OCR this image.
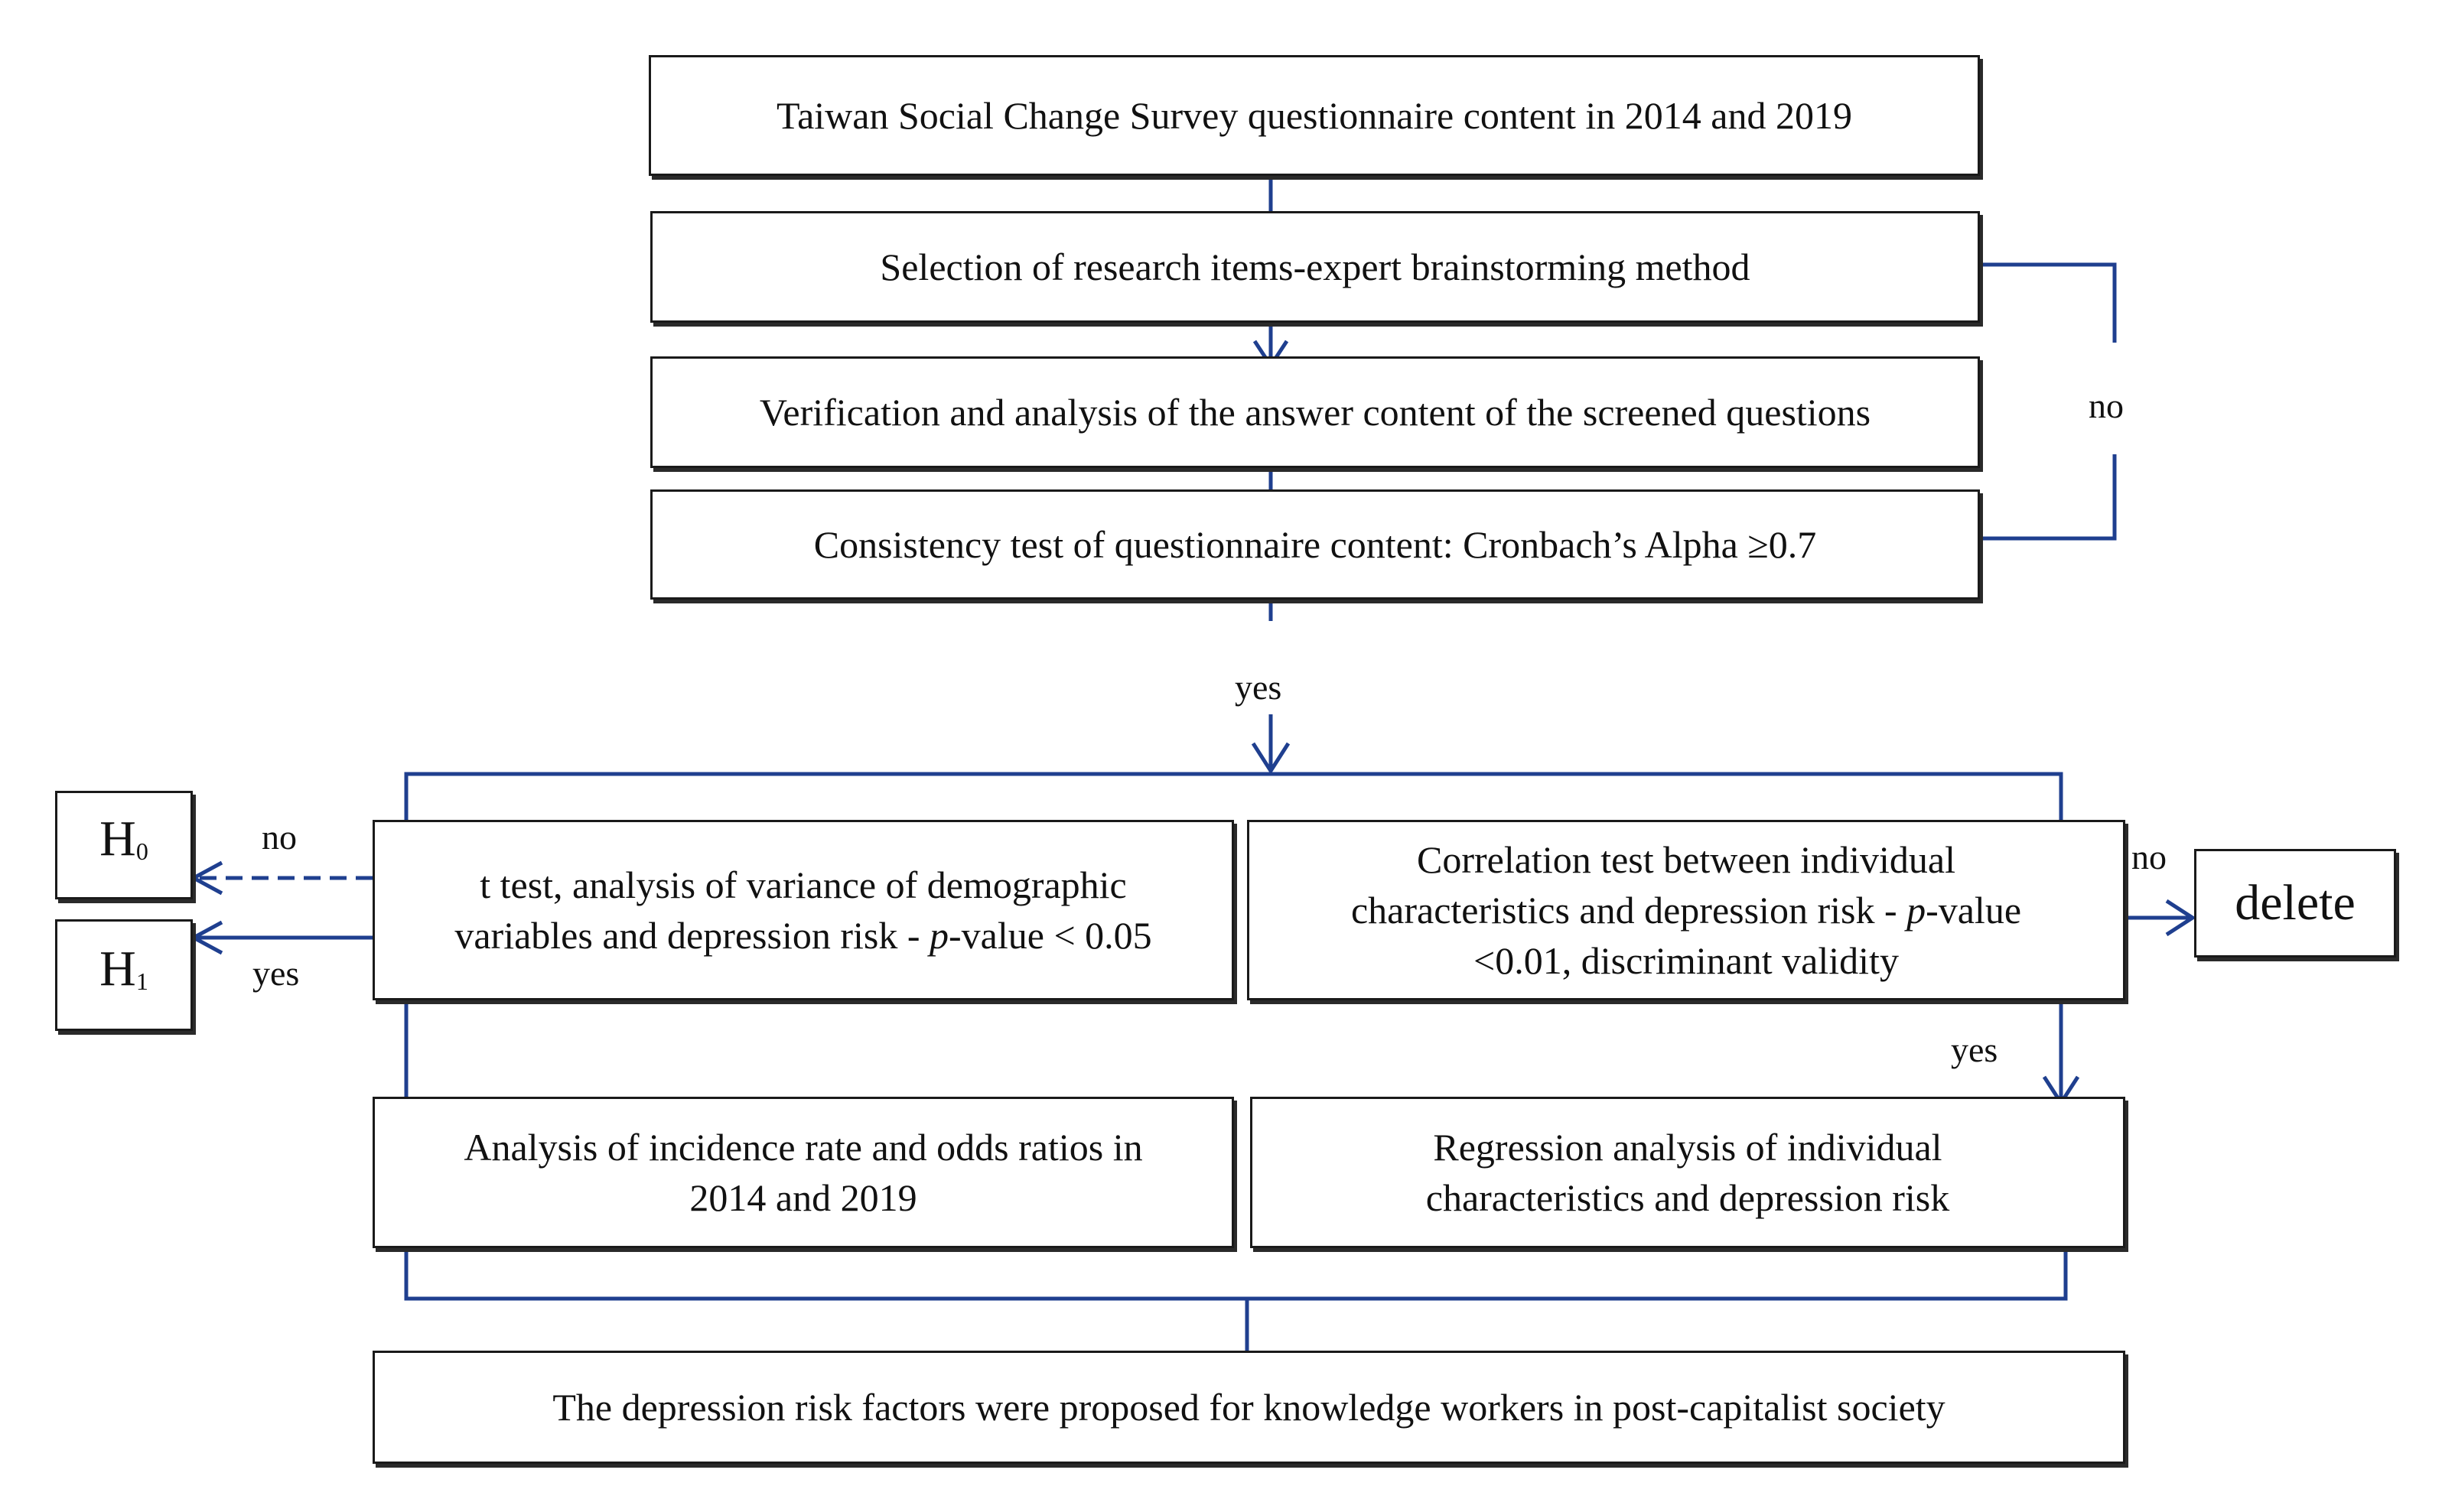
Taiwan Social Change Survey questionnaire content in 2014 and 2019
Selection of research items-expert brainstorming method
Verification and analysis of the answer content of the screened questions
Consistency test of questionnaire content: Cronbach’s Alpha ≥0.7
t test, analysis of variance of demographic
variables and depression risk - p-value < 0.05
Correlation test between individual
characteristics and depression risk - p-value
<0.01, discriminant validity
Analysis of incidence rate and odds ratios in
2014 and 2019
Regression analysis of individual
characteristics and depression risk
The depression risk factors were proposed for knowledge workers in post-capitalist society
$H_0$
$H_1$
delete
no
yes
no
yes
no
yes
